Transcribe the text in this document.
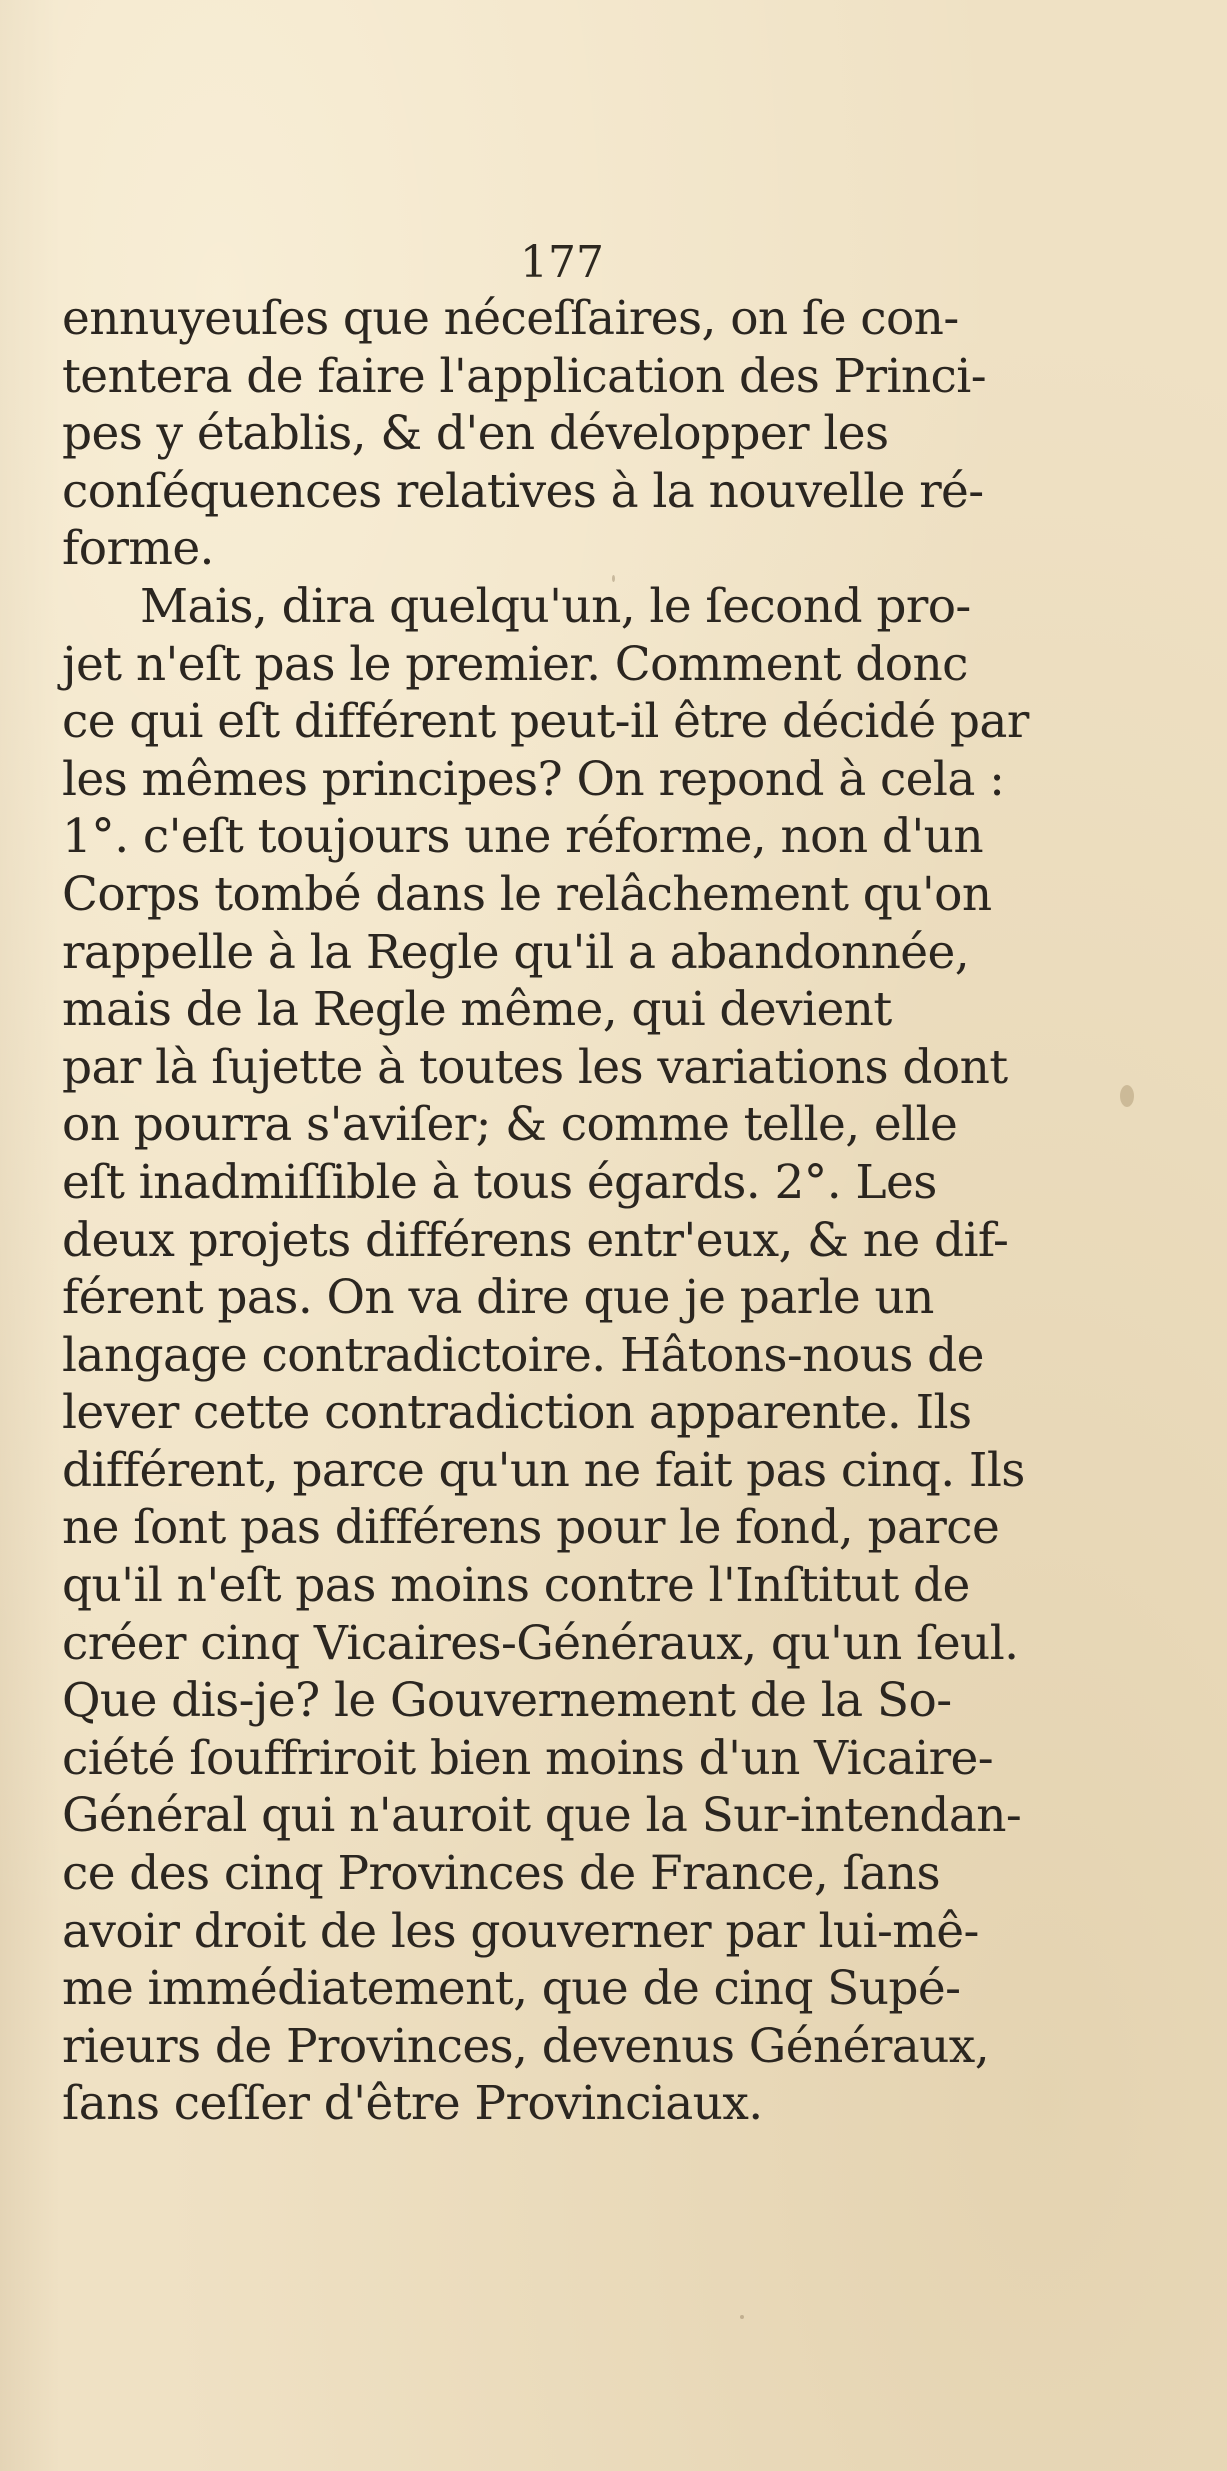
177
ennuyeuſes que néceſſaires, on ſe con-
tentera de faire l'application des Princi-
pes y établis, & d'en développer les
conſéquences relatives à la nouvelle ré-
forme.
Mais, dira quelqu'un, le ſecond pro-
jet n'eſt pas le premier. Comment donc
ce qui eſt différent peut-il être décidé par
les mêmes principes? On repond à cela :
1°. c'eſt toujours une réforme, non d'un
Corps tombé dans le relâchement qu'on
rappelle à la Regle qu'il a abandonnée,
mais de la Regle même, qui devient
par là ſujette à toutes les variations dont
on pourra s'aviſer; & comme telle, elle
eſt inadmiſſible à tous égards. 2°. Les
deux projets différens entr'eux, & ne dif-
férent pas. On va dire que je parle un
langage contradictoire. Hâtons-nous de
lever cette contradiction apparente. Ils
différent, parce qu'un ne fait pas cinq. Ils
ne ſont pas différens pour le fond, parce
qu'il n'eſt pas moins contre l'Inſtitut de
créer cinq Vicaires-Généraux, qu'un ſeul.
Que dis-je? le Gouvernement de la So-
ciété ſouffriroit bien moins d'un Vicaire-
Général qui n'auroit que la Sur-intendan-
ce des cinq Provinces de France, ſans
avoir droit de les gouverner par lui-mê-
me immédiatement, que de cinq Supé-
rieurs de Provinces, devenus Généraux,
ſans ceſſer d'être Provinciaux.
